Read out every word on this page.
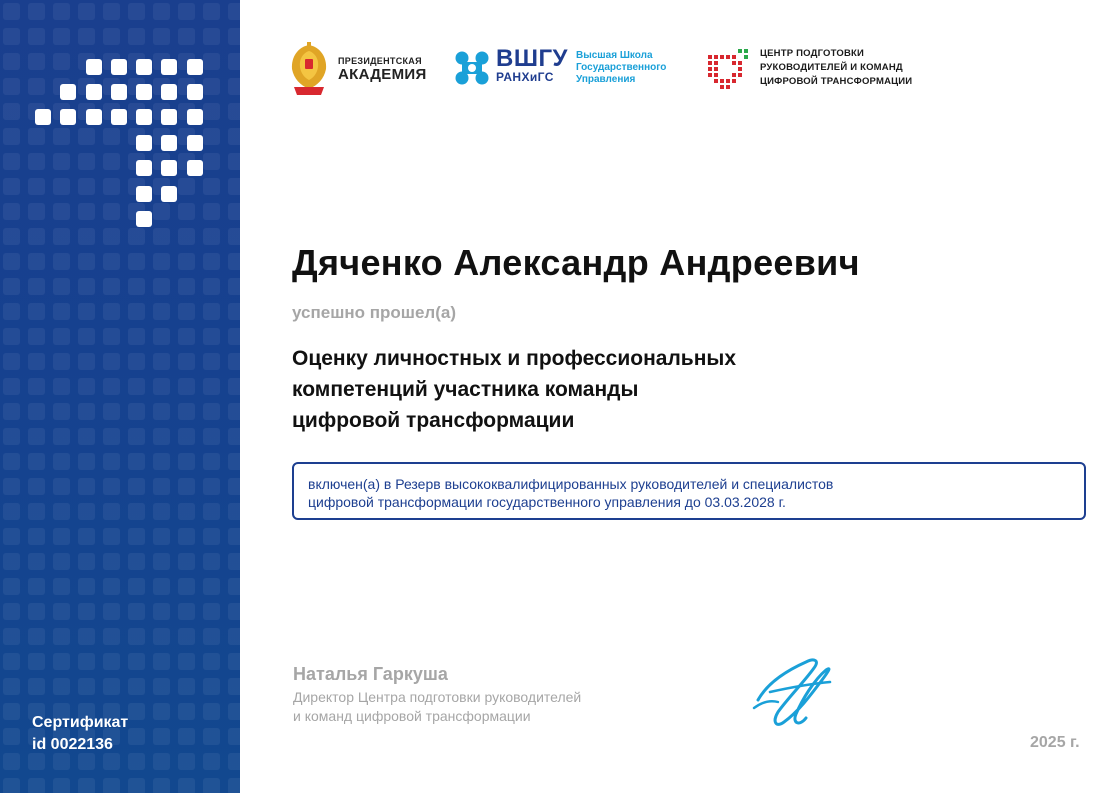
Сертификат
id 0022136
ПРЕЗИДЕНТСКАЯ
АКАДЕМИЯ
ВШГУ
РАНХиГС
Высшая Школа
Государственного
Управления
ЦЕНТР ПОДГОТОВКИ
РУКОВОДИТЕЛЕЙ И КОМАНД
ЦИФРОВОЙ ТРАНСФОРМАЦИИ
Дяченко Александр Андреевич
успешно прошел(а)
Оценку личностных и профессиональных
компетенций участника команды
цифровой трансформации
включен(а) в Резерв высококвалифицированных руководителей и специалистов
цифровой трансформации государственного управления до 03.03.2028 г.
Наталья Гаркуша
Директор Центра подготовки руководителей
и команд цифровой трансформации
2025 г.
